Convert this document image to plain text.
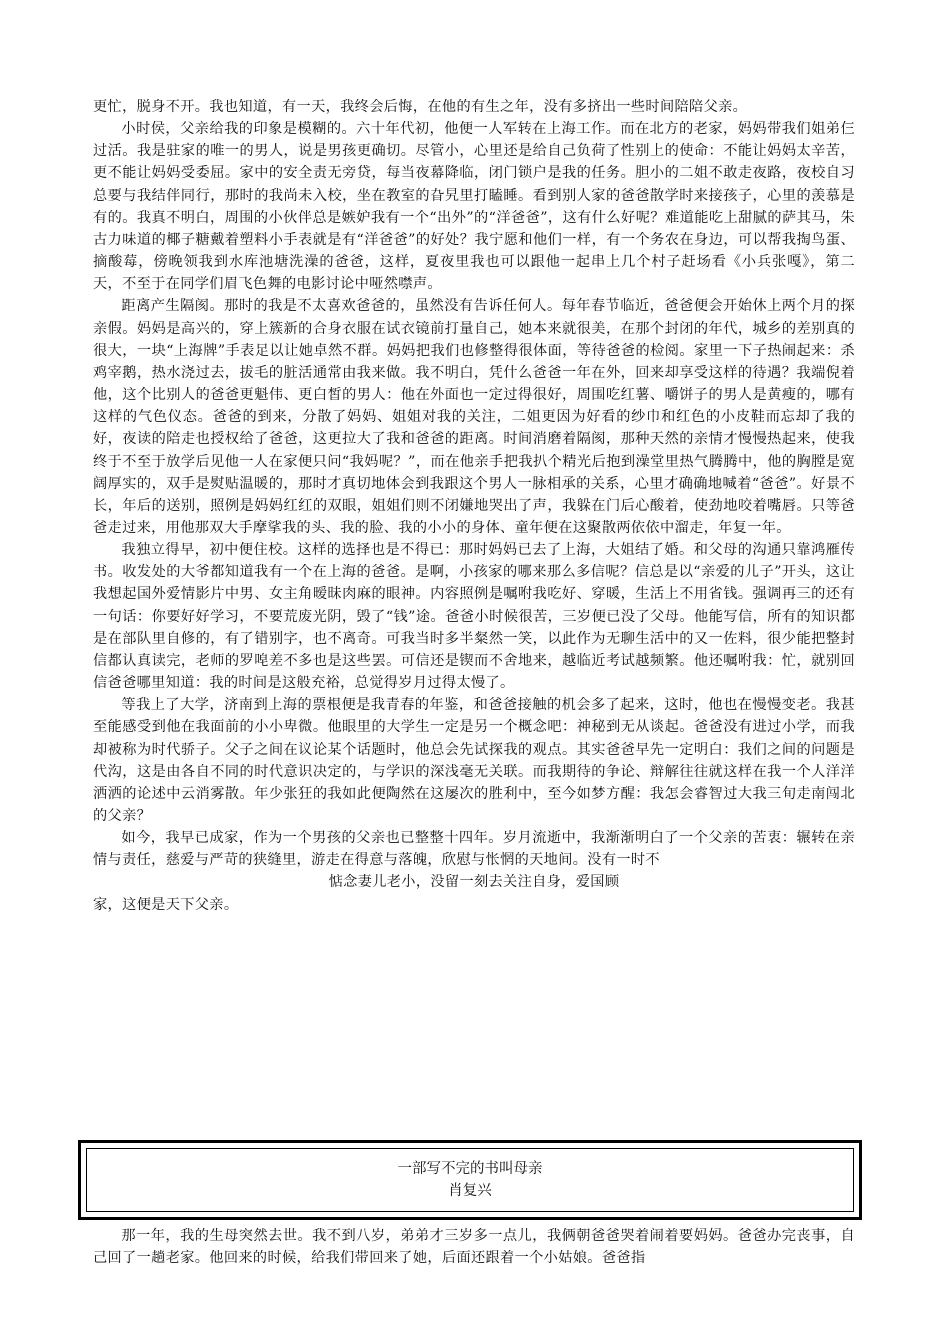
更忙，脱身不开。我也知道，有一天，我终会后悔，在他的有生之年，没有多挤出一些时间陪陪父亲。

小时侯，父亲给我的印象是模糊的。六十年代初，他便一人军转在上海工作。而在北方的老家，妈妈带我们姐弟仨过活。我是驻家的唯一的男人，说是男孩更确切。尽管小，心里还是给自己负荷了性别上的使命：不能让妈妈太辛苦，更不能让妈妈受委屈。家中的安全责无旁贷，每当夜幕降临，闭门锁户是我的任务。胆小的二姐不敢走夜路，夜校自习总要与我结伴同行，那时的我尚未入校，坐在教室的旮旯里打瞌睡。看到别人家的爸爸散学时来接孩子，心里的羡慕是有的。我真不明白，周围的小伙伴总是嫉妒我有一个“出外”的“洋爸爸”，这有什么好呢？难道能吃上甜腻的萨其马，朱古力味道的椰子糖戴着塑料小手表就是有“洋爸爸”的好处？我宁愿和他们一样，有一个务农在身边，可以帮我掏鸟蛋、摘酸莓，傍晚领我到水库池塘洗澡的爸爸，这样，夏夜里我也可以跟他一起串上几个村子赶场看《小兵张嘎》，第二天，不至于在同学们眉飞色舞的电影讨论中哑然噤声。

距离产生隔阂。那时的我是不太喜欢爸爸的，虽然没有告诉任何人。每年春节临近，爸爸便会开始休上两个月的探亲假。妈妈是高兴的，穿上簇新的合身衣服在试衣镜前打量自己，她本来就很美，在那个封闭的年代，城乡的差别真的很大，一块“上海牌”手表足以让她卓然不群。妈妈把我们也修整得很体面，等待爸爸的检阅。家里一下子热闹起来：杀鸡宰鹅，热水浇过去，拔毛的脏活通常由我来做。我不明白，凭什么爸爸一年在外，回来却享受这样的待遇？我端倪着他，这个比别人的爸爸更魁伟、更白皙的男人：他在外面也一定过得很好，周围吃红薯、嚼饼子的男人是黄瘦的，哪有这样的气色仪态。爸爸的到来，分散了妈妈、姐姐对我的关注，二姐更因为好看的纱巾和红色的小皮鞋而忘却了我的好，夜读的陪走也授权给了爸爸，这更拉大了我和爸爸的距离。时间消磨着隔阂，那种天然的亲情才慢慢热起来，使我终于不至于放学后见他一人在家便只问“我妈呢？”，而在他亲手把我扒个精光后抱到澡堂里热气腾腾中，他的胸膛是宽阔厚实的，双手是熨贴温暖的，那时才真切地体会到我跟这个男人一脉相承的关系，心里才确确地喊着“爸爸”。好景不长，年后的送别，照例是妈妈红红的双眼，姐姐们则不闭嫌地哭出了声，我躲在门后心酸着，使劲地咬着嘴唇。只等爸爸走过来，用他那双大手摩挲我的头、我的脸、我的小小的身体、童年便在这聚散两依依中溜走，年复一年。

我独立得早，初中便住校。这样的选择也是不得已：那时妈妈已去了上海，大姐结了婚。和父母的沟通只靠鸿雁传书。收发处的大爷都知道我有一个在上海的爸爸。是啊，小孩家的哪来那么多信呢？信总是以“亲爱的儿子”开头，这让我想起国外爱情影片中男、女主角暧昧肉麻的眼神。内容照例是嘱咐我吃好、穿暖，生活上不用省钱。强调再三的还有一句话：你要好好学习，不要荒废光阴，毁了“钱”途。爸爸小时候很苦，三岁便已没了父母。他能写信，所有的知识都是在部队里自修的，有了错别字，也不离奇。可我当时多半粲然一笑，以此作为无聊生活中的又一佐料，很少能把整封信都认真读完，老师的罗唣差不多也是这些罢。可信还是锲而不舍地来，越临近考试越频繁。他还嘱咐我：忙，就别回信爸爸哪里知道：我的时间是这般充裕，总觉得岁月过得太慢了。

等我上了大学，济南到上海的票根便是我青春的年鉴，和爸爸接触的机会多了起来，这时，他也在慢慢变老。我甚至能感受到他在我面前的小小卑微。他眼里的大学生一定是另一个概念吧：神秘到无从谈起。爸爸没有进过小学，而我却被称为时代骄子。父子之间在议论某个话题时，他总会先试探我的观点。其实爸爸早先一定明白：我们之间的问题是代沟，这是由各自不同的时代意识决定的，与学识的深浅毫无关联。而我期待的争论、辩解往往就这样在我一个人洋洋洒洒的论述中云消雾散。年少张狂的我如此便陶然在这屡次的胜利中，至今如梦方醒：我怎会睿智过大我三旬走南闯北的父亲？

如今，我早已成家，作为一个男孩的父亲也已整整十四年。岁月流逝中，我渐渐明白了一个父亲的苦衷：辗转在亲情与责任，慈爱与严苛的狭缝里，游走在得意与落魄，欣慰与怅惘的天地间。没有一时不

惦念妻儿老小，没留一刻去关注自身，爱国顾

家，这便是天下父亲。

一部写不完的书叫母亲
肖复兴

那一年，我的生母突然去世。我不到八岁，弟弟才三岁多一点儿，我俩朝爸爸哭着闹着要妈妈。爸爸办完丧事，自己回了一趟老家。他回来的时候，给我们带回来了她，后面还跟着一个小姑娘。爸爸指
